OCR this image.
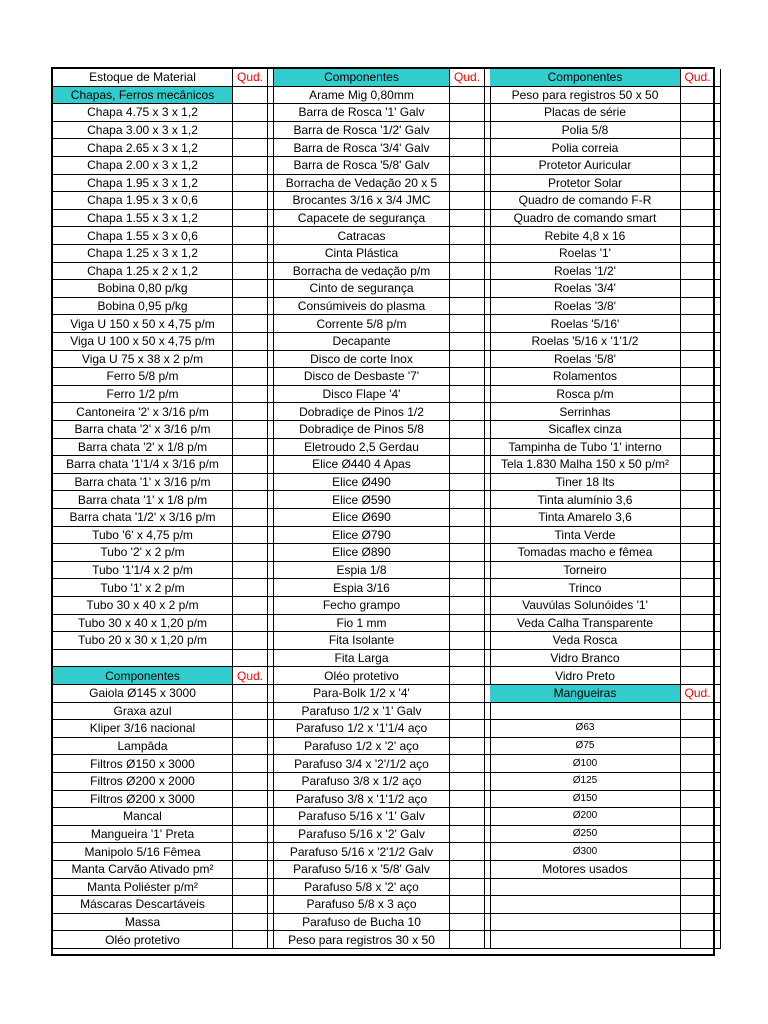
Estoque de Material	Qud.
Chapas, Ferros mecânicos
Chapa 4.75 x 3 x 1,2
Chapa 3.00 x 3 x 1,2
Chapa 2.65 x 3 x 1,2
Chapa 2.00 x 3 x 1,2
Chapa 1.95 x 3 x 1,2
Chapa 1.95 x 3 x 0,6
Chapa 1.55 x 3 x 1,2
Chapa 1.55 x 3 x 0,6
Chapa 1.25 x 3 x 1,2
Chapa 1.25 x 2 x 1,2
Bobina 0,80 p/kg
Bobina 0,95 p/kg
Viga U 150 x 50 x 4,75 p/m
Viga U 100 x 50 x 4,75 p/m
Viga U 75 x 38 x 2 p/m
Ferro 5/8 p/m
Ferro 1/2 p/m
Cantoneira '2' x 3/16 p/m
Barra chata '2' x 3/16 p/m
Barra chata '2' x 1/8 p/m
Barra chata '1'1/4 x 3/16 p/m
Barra chata '1' x 3/16 p/m
Barra chata '1' x 1/8 p/m
Barra chata '1/2' x 3/16 p/m
Tubo '6' x 4,75 p/m
Tubo '2' x 2 p/m
Tubo '1'1/4 x 2 p/m
Tubo '1' x 2 p/m
Tubo 30 x 40 x 2 p/m
Tubo 30 x 40 x 1,20 p/m
Tubo 20 x 30 x 1,20 p/m
Componentes	Qud.
Gaiola Ø145 x 3000
Graxa azul
Kliper 3/16 nacional
Lampâda
Filtros Ø150 x 3000
Filtros Ø200 x 2000
Filtros Ø200 x 3000
Mancal
Mangueira '1' Preta
Manipolo 5/16 Fêmea
Manta Carvão Ativado pm²
Manta Poliéster p/m²
Máscaras Descartáveis
Massa
Oléo protetivo
Componentes	Qud.
Arame Mig 0,80mm
Barra de Rosca '1' Galv
Barra de Rosca '1/2' Galv
Barra de Rosca '3/4' Galv
Barra de Rosca '5/8' Galv
Borracha de Vedação 20 x 5
Brocantes 3/16 x 3/4 JMC
Capacete de segurança
Catracas
Cinta Plástica
Borracha de vedação p/m
Cinto de segurança
Consúmiveis do plasma
Corrente 5/8 p/m
Decapante
Disco de corte Inox
Disco de Desbaste '7'
Disco Flape '4'
Dobradiçe de Pinos 1/2
Dobradiçe de Pinos 5/8
Eletroudo 2,5 Gerdau
Elice Ø440 4 Apas
Elice Ø490
Elice Ø590
Elice Ø690
Elice Ø790
Elice Ø890
Espia 1/8
Espia 3/16
Fecho grampo
Fio 1 mm
Fita Isolante
Fita Larga
Oléo protetivo
Para-Bolk 1/2 x '4'
Parafuso 1/2 x '1' Galv
Parafuso 1/2 x '1'1/4 aço
Parafuso 1/2 x '2' aço
Parafuso 3/4 x '2'/1/2 aço
Parafuso 3/8 x 1/2 aço
Parafuso 3/8 x '1'1/2 aço
Parafuso 5/16 x '1' Galv
Parafuso 5/16 x '2' Galv
Parafuso 5/16 x '2'1/2 Galv
Parafuso 5/16 x '5/8' Galv
Parafuso 5/8 x '2' aço
Parafuso 5/8 x 3 aço
Parafuso de Bucha 10
Peso para registros 30 x 50
Componentes	Qud.
Peso para registros 50 x 50
Placas de série
Polia 5/8
Polia correia
Protetor Auricular
Protetor Solar
Quadro de comando F-R
Quadro de comando smart
Rebite 4,8 x 16
Roelas '1'
Roelas '1/2'
Roelas '3/4'
Roelas '3/8'
Roelas '5/16'
Roelas '5/16 x '1'1/2
Roelas '5/8'
Rolamentos
Rosca p/m
Serrinhas
Sicaflex cinza
Tampinha de Tubo '1' interno
Tela 1.830 Malha 150 x 50 p/m²
Tiner 18 lts
Tinta alumínio 3,6
Tinta Amarelo 3,6
Tinta Verde
Tomadas macho e fêmea
Torneiro
Trinco
Vauvúlas Solunóides '1'
Veda Calha Transparente
Veda Rosca
Vidro Branco
Vidro Preto
Mangueiras	Qud.
Ø63
Ø75
Ø100
Ø125
Ø150
Ø200
Ø250
Ø300
Motores usados
